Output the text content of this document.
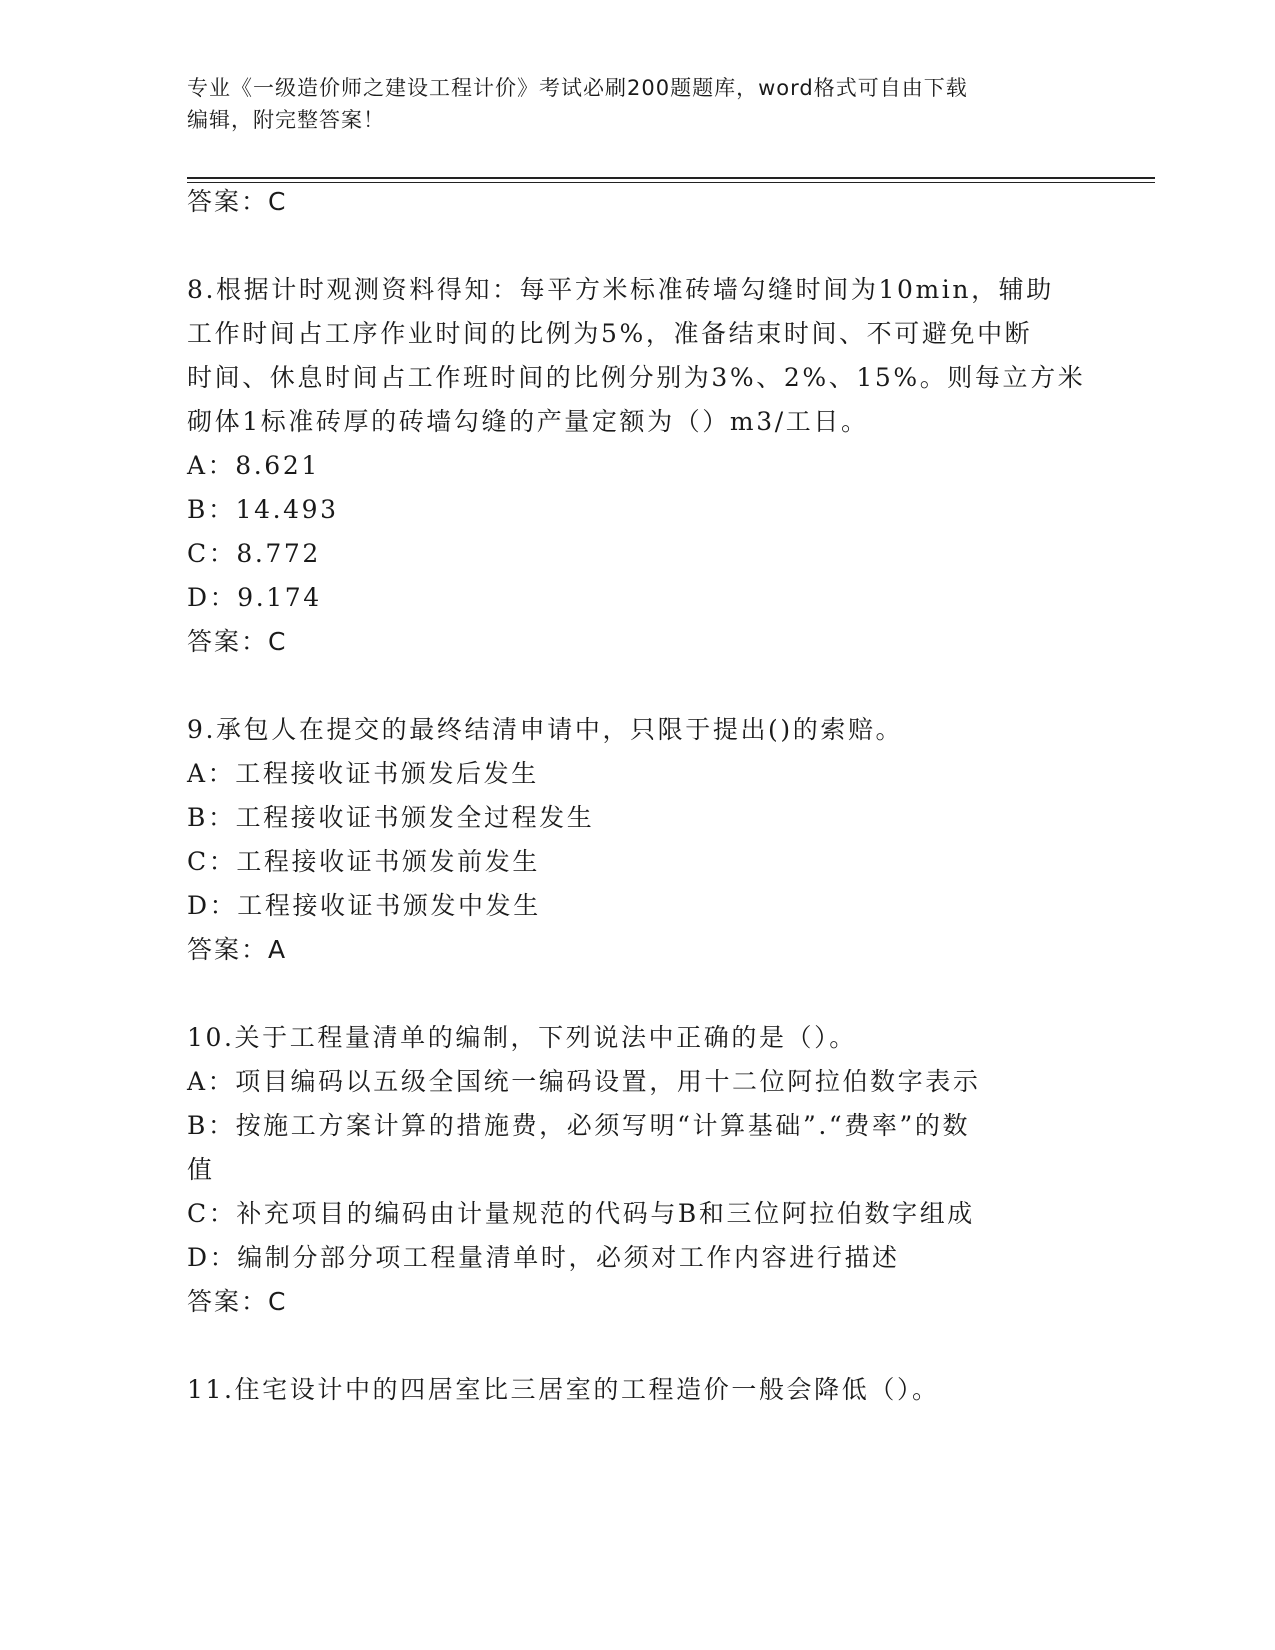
专业《一级造价师之建设工程计价》考试必刷200题题库，word格式可自由下载
编辑，附完整答案！
答案：C
8.根据计时观测资料得知：每平方米标准砖墙勾缝时间为10min，辅助
工作时间占工序作业时间的比例为5%，准备结束时间、不可避免中断
时间、休息时间占工作班时间的比例分别为3%、2%、15%。则每立方米
砌体1标准砖厚的砖墙勾缝的产量定额为（）m3/工日。
A：8.621
B：14.493
C：8.772
D：9.174
答案：C
9.承包人在提交的最终结清申请中，只限于提出()的索赔。
A：工程接收证书颁发后发生
B：工程接收证书颁发全过程发生
C：工程接收证书颁发前发生
D：工程接收证书颁发中发生
答案：A
10.关于工程量清单的编制，下列说法中正确的是（）。
A：项目编码以五级全国统一编码设置，用十二位阿拉伯数字表示
B：按施工方案计算的措施费，必须写明“计算基础”.“费率”的数
值
C：补充项目的编码由计量规范的代码与B和三位阿拉伯数字组成
D：编制分部分项工程量清单时，必须对工作内容进行描述
答案：C
11.住宅设计中的四居室比三居室的工程造价一般会降低（）。
